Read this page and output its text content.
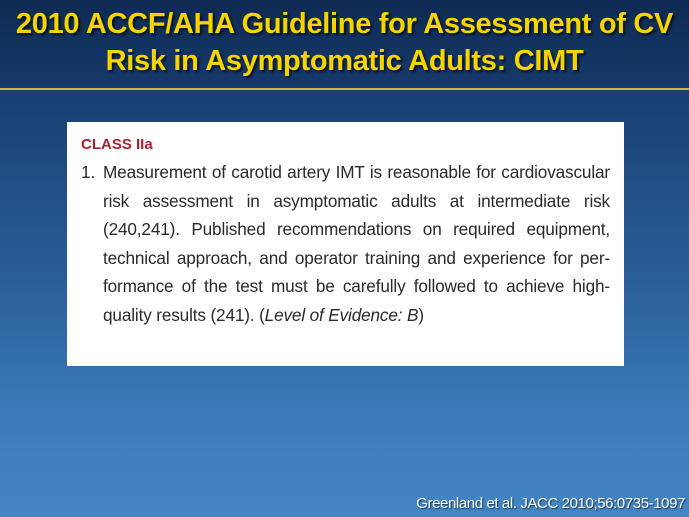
2010 ACCF/AHA Guideline for Assessment of CV
Risk in Asymptomatic Adults: CIMT
CLASS IIa
1. Measurement of carotid artery IMT is reasonable for cardiovascular
risk assessment in asymptomatic adults at intermediate risk
(240,241). Published recommendations on required equipment,
technical approach, and operator training and experience for per-
formance of the test must be carefully followed to achieve high-
quality results (241). (Level of Evidence: B)
Greenland et al. JACC 2010;56:0735-1097
